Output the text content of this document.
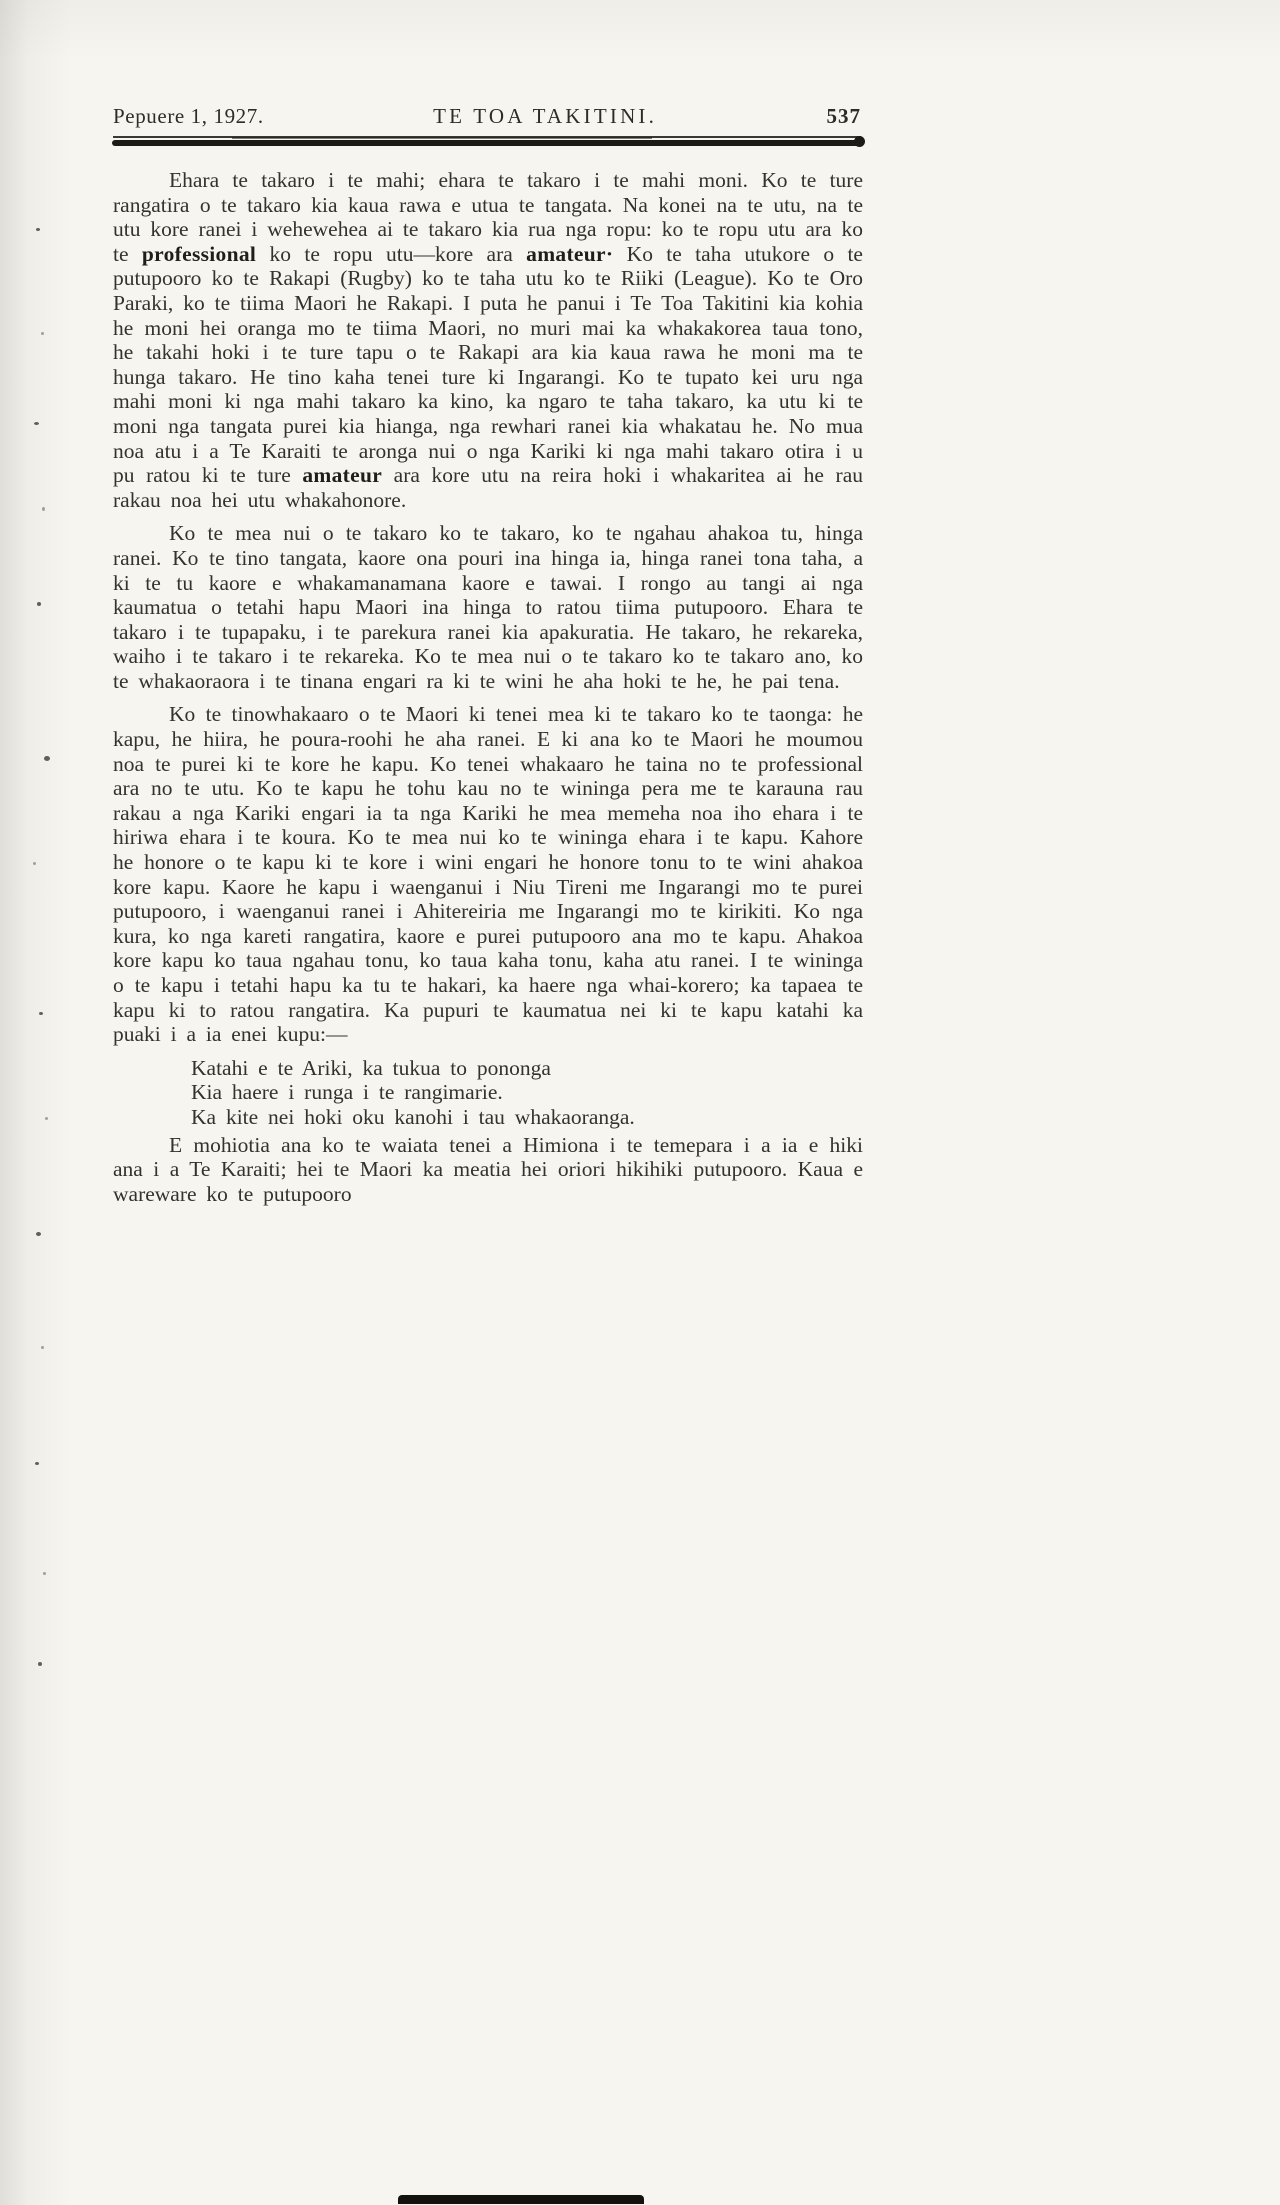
Pepuere 1, 1927.	TE TOA TAKITINI.	537

Ehara te takaro i te mahi; ehara te takaro i te mahi moni. Ko te ture rangatira o te takaro kia kaua rawa e utua te tangata. Na konei na te utu, na te utu kore ranei i wehewehea ai te takaro kia rua nga ropu: ko te ropu utu ara ko te professional ko te ropu utu—kore ara amateur· Ko te taha utukore o te putupooro ko te Rakapi (Rugby) ko te taha utu ko te Riiki (League). Ko te Oro Paraki, ko te tiima Maori he Rakapi. I puta he panui i Te Toa Takitini kia kohia he moni hei oranga mo te tiima Maori, no muri mai ka whakakorea taua tono, he takahi hoki i te ture tapu o te Rakapi ara kia kaua rawa he moni ma te hunga takaro. He tino kaha tenei ture ki Ingarangi. Ko te tupato kei uru nga mahi moni ki nga mahi takaro ka kino, ka ngaro te taha takaro, ka utu ki te moni nga tangata purei kia hianga, nga rewhari ranei kia whakatau he. No mua noa atu i a Te Karaiti te aronga nui o nga Kariki ki nga mahi takaro otira i u pu ratou ki te ture amateur ara kore utu na reira hoki i whakaritea ai he rau rakau noa hei utu whakahonore.

Ko te mea nui o te takaro ko te takaro, ko te ngahau ahakoa tu, hinga ranei. Ko te tino tangata, kaore ona pouri ina hinga ia, hinga ranei tona taha, a ki te tu kaore e whakamanamana kaore e tawai. I rongo au tangi ai nga kaumatua o tetahi hapu Maori ina hinga to ratou tiima putupooro. Ehara te takaro i te tupapaku, i te parekura ranei kia apakuratia. He takaro, he rekareka, waiho i te takaro i te rekareka. Ko te mea nui o te takaro ko te takaro ano, ko te whakaoraora i te tinana engari ra ki te wini he aha hoki te he, he pai tena.

Ko te tinowhakaaro o te Maori ki tenei mea ki te takaro ko te taonga: he kapu, he hiira, he poura-roohi he aha ranei. E ki ana ko te Maori he moumou noa te purei ki te kore he kapu. Ko tenei whakaaro he taina no te professional ara no te utu. Ko te kapu he tohu kau no te wininga pera me te karauna rau rakau a nga Kariki engari ia ta nga Kariki he mea memeha noa iho ehara i te hiriwa ehara i te koura. Ko te mea nui ko te wininga ehara i te kapu. Kahore he honore o te kapu ki te kore i wini engari he honore tonu to te wini ahakoa kore kapu. Kaore he kapu i waenganui i Niu Tireni me Ingarangi mo te purei putupooro, i waenganui ranei i Ahitereiria me Ingarangi mo te kirikiti. Ko nga kura, ko nga kareti rangatira, kaore e purei putupooro ana mo te kapu. Ahakoa kore kapu ko taua ngahau tonu, ko taua kaha tonu, kaha atu ranei. I te wininga o te kapu i tetahi hapu ka tu te hakari, ka haere nga whai-korero; ka tapaea te kapu ki to ratou rangatira. Ka pupuri te kaumatua nei ki te kapu katahi ka puaki i a ia enei kupu:—

Katahi e te Ariki, ka tukua to pononga
Kia haere i runga i te rangimarie.
Ka kite nei hoki oku kanohi i tau whakaoranga.

E mohiotia ana ko te waiata tenei a Himiona i te temepara i a ia e hiki ana i a Te Karaiti; hei te Maori ka meatia hei oriori hikihiki putupooro. Kaua e wareware ko te putupooro
